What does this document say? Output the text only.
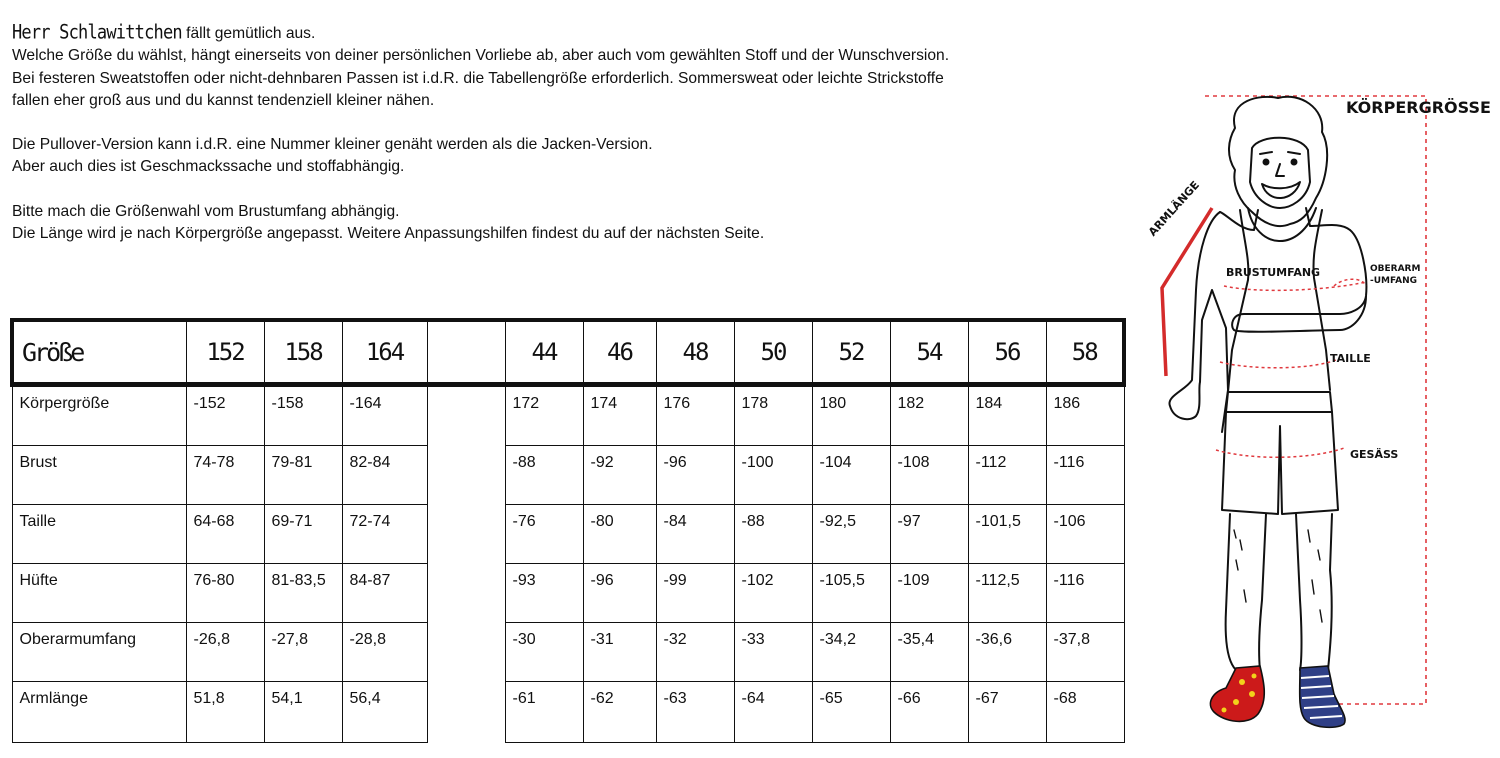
Herr Schlawittchen fällt gemütlich aus.

Welche Größe du wählst, hängt einerseits von deiner persönlichen Vorliebe ab, aber auch vom gewählten Stoff und der Wunschversion.

Bei festeren Sweatstoffen oder nicht-dehnbaren Passen ist i.d.R. die Tabellengröße erforderlich. Sommersweat oder leichte Strickstoffe

fallen eher groß aus und du kannst tendenziell kleiner nähen.

Die Pullover-Version kann i.d.R. eine Nummer kleiner genäht werden als die Jacken-Version.

Aber auch dies ist Geschmackssache und stoffabhängig.

Bitte mach die Größenwahl vom Brustumfang abhängig.

Die Länge wird je nach Körpergröße angepasst. Weitere Anpassungshilfen findest du auf der nächsten Seite.

Größe	152	158	164		44	46	48	50	52	54	56	58
Körpergröße	-152	-158	-164		172	174	176	178	180	182	184	186
Brust	74-78	79-81	82-84		-88	-92	-96	-100	-104	-108	-112	-116
Taille	64-68	69-71	72-74		-76	-80	-84	-88	-92,5	-97	-101,5	-106
Hüfte	76-80	81-83,5	84-87		-93	-96	-99	-102	-105,5	-109	-112,5	-116
Oberarmumfang	-26,8	-27,8	-28,8		-30	-31	-32	-33	-34,2	-35,4	-36,6	-37,8
Armlänge	51,8	54,1	56,4		-61	-62	-63	-64	-65	-66	-67	-68
KÖRPERGRÖSSE
ARMLÄNGE
BRUSTUMFANG	OBERARM
-UMFANG
TAILLE
GESÄSS
